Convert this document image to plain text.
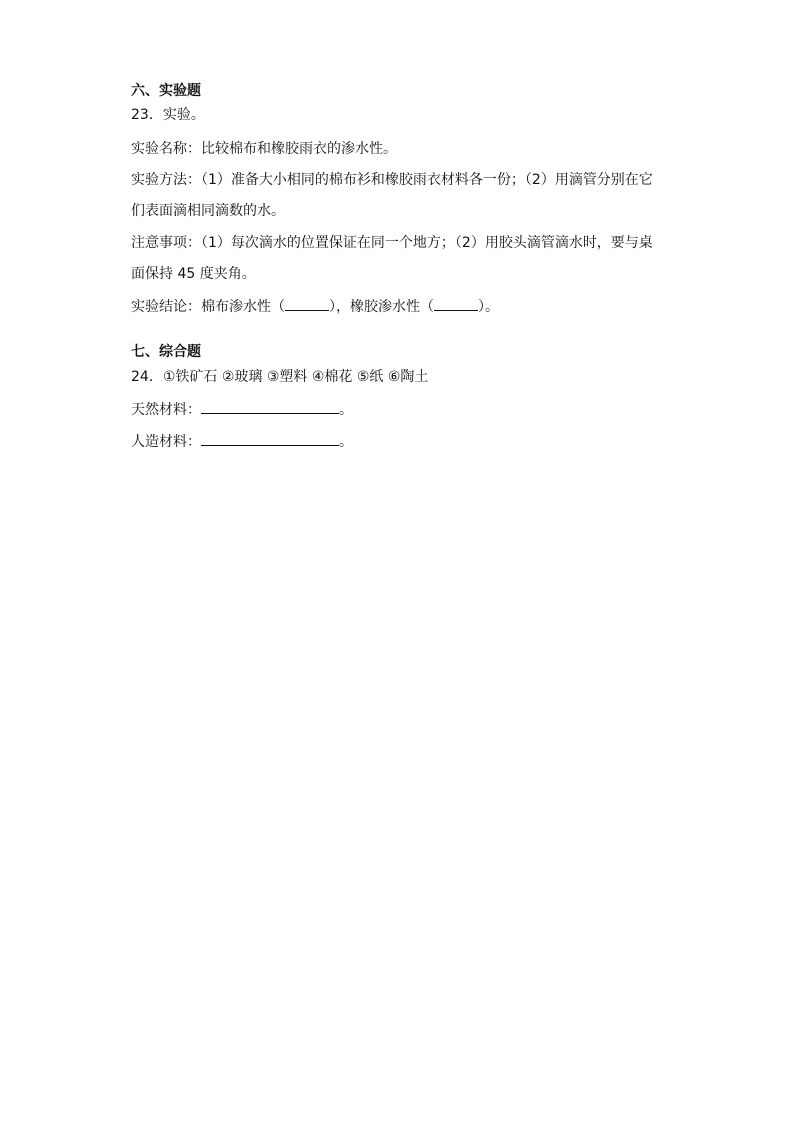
六、实验题
23．实验。
实验名称：比较棉布和橡胶雨衣的渗水性。
实验方法：（1）准备大小相同的棉布衫和橡胶雨衣材料各一份；（2）用滴管分别在它
们表面滴相同滴数的水。
注意事项：（1）每次滴水的位置保证在同一个地方；（2）用胶头滴管滴水时，要与桌
面保持 45 度夹角。
实验结论：棉布渗水性（	），橡胶渗水性（	）。
七、综合题
24．①铁矿石 ②玻璃 ③塑料 ④棉花 ⑤纸 ⑥陶土
天然材料：	。
人造材料：	。
